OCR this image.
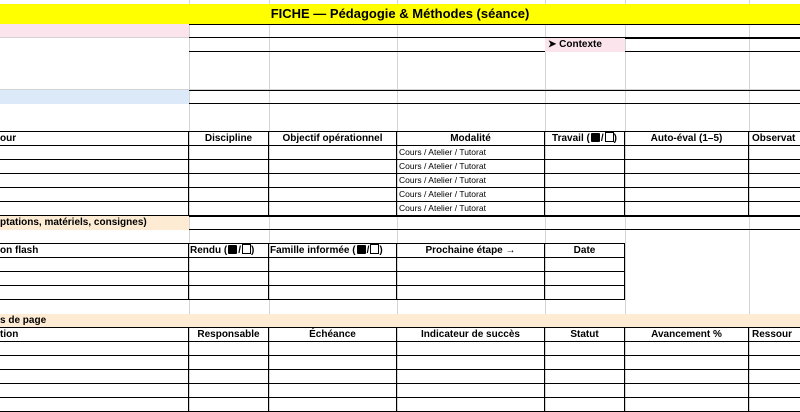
FICHE — Pédagogie & Méthodes (séance)
➤ Contexte
our	Discipline	Objectif opérationnel	Modalité	Travail ( / )	Auto-éval (1–5)	Observat
Cours / Atelier / Tutorat
Cours / Atelier / Tutorat
Cours / Atelier / Tutorat
Cours / Atelier / Tutorat
Cours / Atelier / Tutorat
ptations, matériels, consignes)
on flash	Rendu ( / )	Famille informée ( / )	Prochaine étape →	Date
s de page
tion	Responsable	Échéance	Indicateur de succès	Statut	Avancement %	Ressour
